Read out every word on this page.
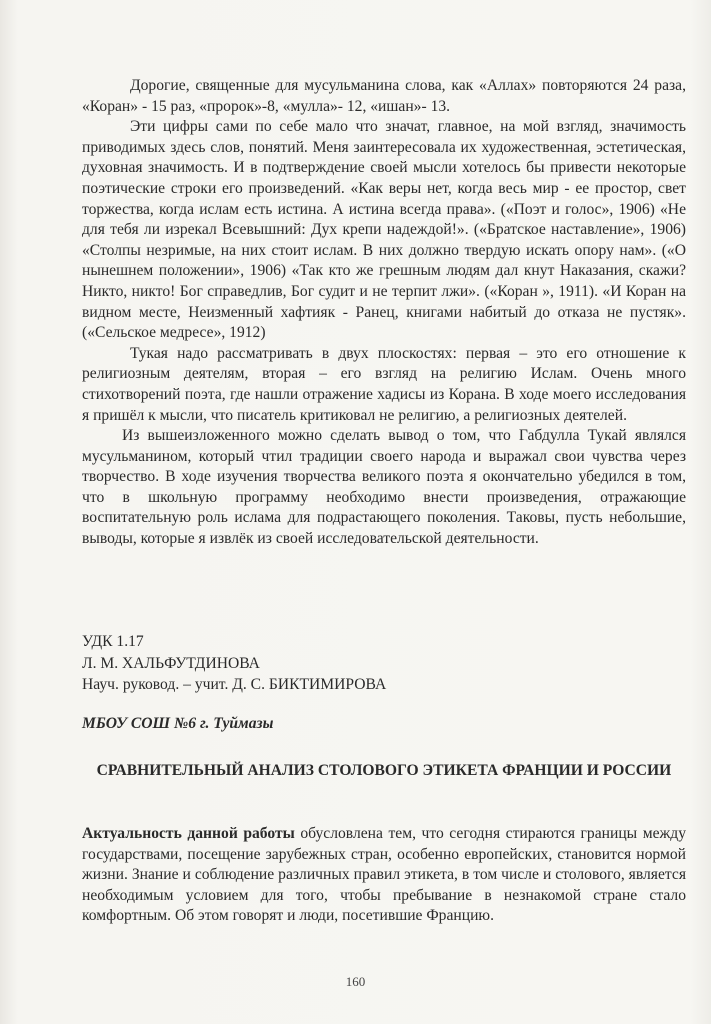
Дорогие, священные для мусульманина слова, как «Аллах» повторяются 24 раза, «Коран» - 15 раз, «пророк»-8, «мулла»- 12, «ишан»- 13.

Эти цифры сами по себе мало что значат, главное, на мой взгляд, значимость приводимых здесь слов, понятий. Меня заинтересовала их художественная, эстетическая, духовная значимость. И в подтверждение своей мысли хотелось бы привести некоторые поэтические строки его произведений. «Как веры нет, когда весь мир - ее простор, свет торжества, когда ислам есть истина. А истина всегда права». («Поэт и голос», 1906) «Не для тебя ли изрекал Всевышний: Дух крепи надеждой!». («Братское наставление», 1906) «Столпы незримые, на них стоит ислам. В них должно твердую искать опору нам». («О нынешнем положении», 1906) «Так кто же грешным людям дал кнут Наказания, скажи? Никто, никто! Бог справедлив, Бог судит и не терпит лжи». («Коран », 1911). «И Коран на видном месте, Неизменный хафтияк - Ранец, книгами набитый до отказа не пустяк». («Сельское медресе», 1912)

Тукая надо рассматривать в двух плоскостях: первая – это его отношение к религиозным деятелям, вторая – его взгляд на религию Ислам. Очень много стихотворений поэта, где нашли отражение хадисы из Корана. В ходе моего исследования я пришёл к мысли, что писатель критиковал не религию, а религиозных деятелей.

Из вышеизложенного можно сделать вывод о том, что Габдулла Тукай являлся мусульманином, который чтил традиции своего народа и выражал свои чувства через творчество. В ходе изучения творчества великого поэта я окончательно убедился в том, что в школьную программу необходимо внести произведения, отражающие воспитательную роль ислама для подрастающего поколения. Таковы, пусть небольшие, выводы, которые я извлёк из своей исследовательской деятельности.

УДК 1.17
Л. М. ХАЛЬФУТДИНОВА
Науч. руковод. – учит. Д. С. БИКТИМИРОВА
МБОУ СОШ №6 г. Туймазы
СРАВНИТЕЛЬНЫЙ АНАЛИЗ СТОЛОВОГО ЭТИКЕТА ФРАНЦИИ И РОССИИ
Актуальность данной работы обусловлена тем, что сегодня стираются границы между государствами, посещение зарубежных стран, особенно европейских, становится нормой жизни. Знание и соблюдение различных правил этикета, в том числе и столового, является необходимым условием для того, чтобы пребывание в незнакомой стране стало комфортным. Об этом говорят и люди, посетившие Францию.
160
